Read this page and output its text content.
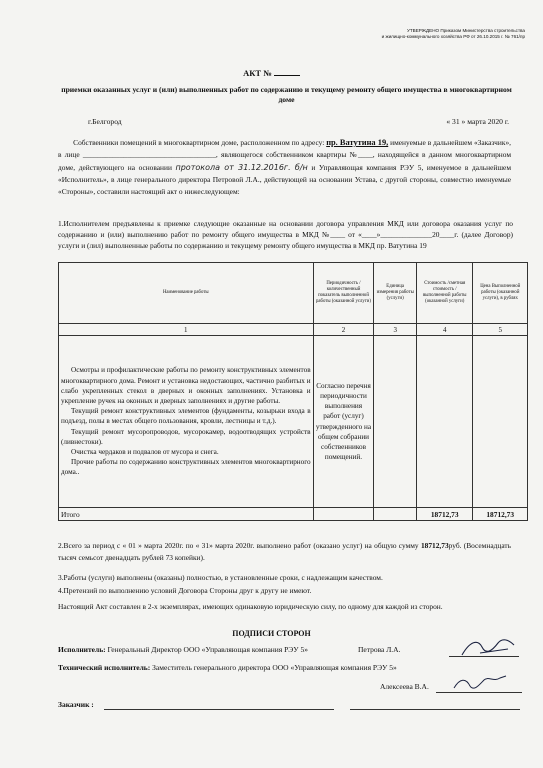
УТВЕРЖДЕНО Приказом Министерства строительства
и жилищно-коммунального хозяйства РФ от 26.10.2015 г. № 761/пр
АКТ №
приемки оказанных услуг и (или) выполненных работ по содержанию и текущему ремонту общего имущества в многоквартирном доме
г.Белгород	« 31 » марта 2020 г.
Собственники помещений в многоквартирном доме, расположенном по адресу: пр. Ватутина 19, именуемые в дальнейшем «Заказчик», в лице ____________________________________, являющегося собственником квартиры №____, находящейся в данном многоквартирном доме, действующего на основании протокола от 31.12.2016г. б/н и Управляющая компания РЭУ 5, именуемое в дальнейшем «Исполнитель», в лице генерального директора Петровой Л.А., действующей на основании Устава, с другой стороны, совместно именуемые «Стороны», составили настоящий акт о нижеследующем:
1.Исполнителем предъявлены к приемке следующие оказанные на основании договора управления МКД или договора оказания услуг по содержанию и (или) выполнению работ по ремонту общего имущества в МКД №____ от «____»______________20____г. (далее Договор) услуги и (лил) выполненные работы по содержанию и текущему ремонту общего имущества в МКД пр. Ватутина 19
Наименование работы	Периодичность /количественный показатель выполненной работы (оказанной услуги)	Единица измерения работы (услуги)	Стоимость /сметная стоимость / выполненной работы (оказанной услуги)	Цена Выполненной работы (оказанной услуги), в рублях
1	2	3	4	5

Осмотры и профилактические работы по ремонту конструктивных элементов многоквартирного дома. Ремонт и установка недостающих, частично разбитых и слабо укрепленных стекол в дверных и оконных заполнениях. Установка и укрепление ручек на оконных и дверных заполнениях и другие работы.
Текущий ремонт конструктивных элементов (фундаменты, козырьки входа в подъезд, полы в местах общего пользования, кровли, лестницы и т.д.).
Текущий ремонт мусоропроводов, мусорокамер, водоотводящих устройств (ливнестоки).
Очистка чердаков и подвалов от мусора и снега.
Прочие работы по содержанию конструктивных элементов многоквартирного дома..	Согласно перечня периодичности выполнения работ (услуг) утвержденного на общем собрании собственников помещений.			
Итого			18712,73	18712,73
2.Всего за период с « 01 » марта 2020г. по « 31» марта 2020г. выполнено работ (оказано услуг) на общую сумму 18712,73руб. (Восемнадцать тысяч семьсот двенадцать рублей 73 копейки).
3.Работы (услуги) выполнены (оказаны) полностью, в установленные сроки, с надлежащим качеством.
4.Претензий по выполнению условий Договора Стороны друг к другу не имеют.
Настоящий Акт составлен в 2-х экземплярах, имеющих одинаковую юридическую силу, по одному для каждой из сторон.
ПОДПИСИ СТОРОН
Исполнитель: Генеральный Директор ООО «Управляющая компания РЭУ 5»	Петрова Л.А.
Технический исполнитель: Заместитель генерального директора ООО «Управляющая компания РЭУ 5»
Алексеева В.А.
Заказчик :
